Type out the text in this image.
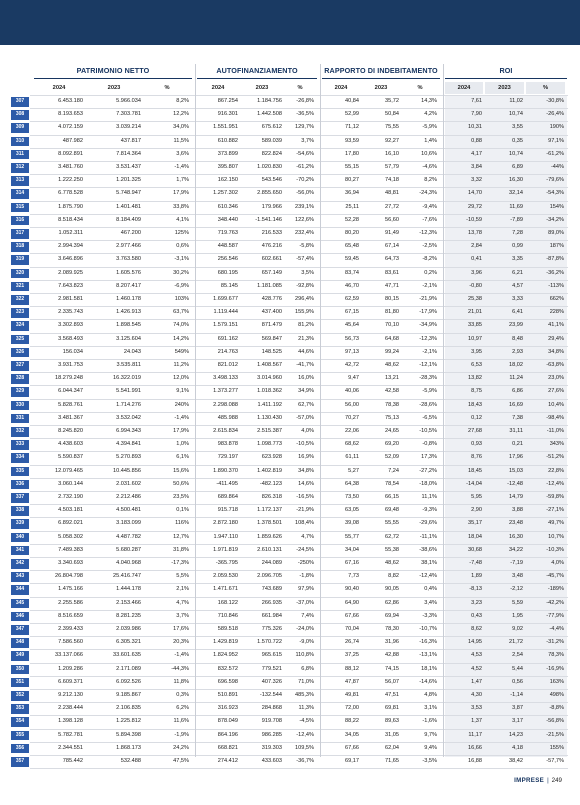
PATRIMONIO NETTO	AUTOFINANZIAMENTO	RAPPORTO DI INDEBITAMENTO	ROI
2024	2023	%	2024	2023	%	2024	2023	%	2024	2023	%
307	6.453.180	5.966.034	8,2%	867.254	1.184.756	-26,8%	40,84	35,72	14,3%	7,61	11,02	-30,8%
308	8.193.653	7.303.781	12,2%	916.301	1.442.508	-36,5%	52,99	50,84	4,2%	7,90	10,74	-26,4%
309	4.072.159	3.039.214	34,0%	1.551.951	675.612	129,7%	71,12	75,55	-5,9%	10,31	3,55	190%
310	487.982	437.817	11,5%	610.882	589.039	3,7%	93,59	92,27	1,4%	0,88	0,35	97,1%
311	8.092.891	7.814.364	3,6%	373.899	822.824	-54,6%	17,80	16,10	10,6%	4,17	10,74	-61,2%
312	3.481.760	3.531.437	-1,4%	395.807	1.020.830	-61,2%	55,15	57,79	-4,6%	3,84	6,89	-44%
313	1.222.250	1.201.325	1,7%	162.150	543.546	-70,2%	80,27	74,18	8,2%	3,32	16,30	-79,6%
314	6.778.528	5.748.947	17,9%	1.257.302	2.855.650	-56,0%	36,94	48,81	-24,3%	14,70	32,14	-54,3%
315	1.875.790	1.401.481	33,8%	610.346	179.966	239,1%	25,11	27,72	-9,4%	29,72	11,69	154%
316	8.518.434	8.184.409	4,1%	348.440	-1.541.146	122,6%	52,28	56,60	-7,6%	-10,59	-7,89	-34,2%
317	1.052.311	467.200	125%	719.763	216.533	232,4%	80,20	91,49	-12,3%	13,78	7,28	89,0%
318	2.994.394	2.977.466	0,6%	448.587	476.216	-5,8%	65,48	67,14	-2,5%	2,84	0,99	187%
319	3.646.896	3.763.580	-3,1%	256.546	602.661	-57,4%	59,45	64,73	-8,2%	0,41	3,35	-87,8%
320	2.089.925	1.605.576	30,2%	680.195	657.149	3,5%	83,74	83,61	0,2%	3,96	6,21	-36,2%
321	7.643.823	8.207.417	-6,9%	85.145	1.181.085	-92,8%	46,70	47,71	-2,1%	-0,80	4,57	-113%
322	2.981.581	1.460.178	103%	1.699.677	428.776	296,4%	62,59	80,15	-21,9%	25,38	3,33	662%
323	2.335.743	1.426.913	63,7%	1.119.444	437.400	155,9%	67,15	81,80	-17,9%	21,01	6,41	228%
324	3.302.893	1.898.545	74,0%	1.579.151	871.479	81,2%	45,64	70,10	-34,9%	33,85	23,99	41,1%
325	3.568.493	3.125.604	14,2%	691.162	569.847	21,3%	56,73	64,68	-12,3%	10,97	8,48	29,4%
326	156.034	24.043	549%	214.763	148.525	44,6%	97,13	99,24	-2,1%	3,95	2,93	34,8%
327	3.931.753	3.535.811	11,2%	821.012	1.408.567	-41,7%	42,72	48,62	-12,1%	6,53	18,02	-63,8%
328	18.279.248	16.322.019	12,0%	3.498.133	3.014.960	16,0%	9,47	13,21	-28,3%	13,82	11,24	23,0%
329	6.044.347	5.541.991	9,1%	1.373.277	1.018.362	34,9%	40,06	42,58	-5,9%	8,75	6,86	27,6%
330	5.828.761	1.714.276	240%	2.298.088	1.411.192	62,7%	56,00	78,38	-28,6%	18,43	16,69	10,4%
331	3.481.367	3.532.042	-1,4%	485.988	1.130.430	-57,0%	70,27	75,13	-6,5%	0,12	7,38	-98,4%
332	8.245.820	6.994.343	17,9%	2.615.834	2.515.387	4,0%	22,06	24,65	-10,5%	27,68	31,11	-11,0%
333	4.438.603	4.394.841	1,0%	983.878	1.098.773	-10,5%	68,62	69,20	-0,8%	0,93	0,21	343%
334	5.590.837	5.270.893	6,1%	729.197	623.928	16,9%	61,11	52,09	17,3%	8,76	17,96	-51,2%
335	12.079.465	10.445.856	15,6%	1.890.370	1.402.819	34,8%	5,27	7,24	-27,2%	18,45	15,03	22,8%
336	3.060.144	2.031.602	50,6%	-411.495	-482.123	14,6%	64,38	78,54	-18,0%	-14,04	-12,48	-12,4%
337	2.732.190	2.212.486	23,5%	689.864	826.318	-16,5%	73,50	66,15	11,1%	5,95	14,79	-59,8%
338	4.503.181	4.500.481	0,1%	915.718	1.172.137	-21,9%	63,05	69,48	-9,3%	2,90	3,88	-27,1%
339	6.892.021	3.183.099	116%	2.872.180	1.378.501	108,4%	39,08	55,55	-29,6%	35,17	23,48	49,7%
340	5.058.302	4.487.782	12,7%	1.947.110	1.859.626	4,7%	55,77	62,72	-11,1%	18,04	16,30	10,7%
341	7.489.383	5.680.287	31,8%	1.971.819	2.610.131	-24,5%	34,04	55,38	-38,6%	30,68	34,22	-10,3%
342	3.340.693	4.040.968	-17,3%	-365.795	244.089	-250%	67,16	48,62	38,1%	-7,48	-7,19	4,0%
343	26.804.798	25.416.747	5,5%	2.059.530	2.096.705	-1,8%	7,73	8,82	-12,4%	1,89	3,48	-45,7%
344	1.475.166	1.444.178	2,1%	1.471.671	743.689	97,9%	90,40	90,05	0,4%	-8,13	-2,12	-189%
345	2.255.586	2.153.466	4,7%	168.122	266.935	-37,0%	64,90	62,86	3,4%	3,23	5,59	-42,2%
346	8.516.659	8.281.235	3,7%	710.846	661.984	7,4%	67,66	69,94	-3,3%	0,43	1,95	-77,9%
347	2.399.433	2.039.986	17,6%	589.518	775.326	-24,0%	70,04	78,30	-10,7%	8,62	9,02	-4,4%
348	7.586.560	6.305.321	20,3%	1.429.819	1.570.722	-9,0%	26,74	31,96	-16,3%	14,95	21,72	-31,2%
349	33.137.066	33.601.635	-1,4%	1.824.952	965.615	110,8%	37,25	42,88	-13,1%	4,53	2,54	78,3%
350	1.209.286	2.171.089	-44,3%	832.572	779.521	6,8%	88,12	74,15	18,1%	4,52	5,44	-16,9%
351	6.609.371	6.092.526	11,8%	696.598	407.326	71,0%	47,87	56,07	-14,6%	1,47	0,56	163%
352	9.212.130	9.185.867	0,3%	510.891	-132.544	485,3%	49,81	47,51	4,8%	4,30	-1,14	498%
353	2.238.444	2.106.835	6,2%	316.923	284.868	11,3%	72,00	69,81	3,1%	3,53	3,87	-8,8%
354	1.398.128	1.225.812	11,6%	878.049	919.708	-4,5%	88,22	89,63	-1,6%	1,37	3,17	-56,8%
355	5.782.781	5.894.398	-1,9%	864.196	986.285	-12,4%	34,05	31,05	9,7%	11,17	14,23	-21,5%
356	2.344.551	1.868.173	24,2%	668.821	319.303	109,5%	67,66	62,04	9,4%	16,66	4,18	155%
357	785.442	532.488	47,5%	274.412	433.603	-36,7%	69,17	71,65	-3,5%	16,88	38,42	-57,7%
IMPRESE | 249
